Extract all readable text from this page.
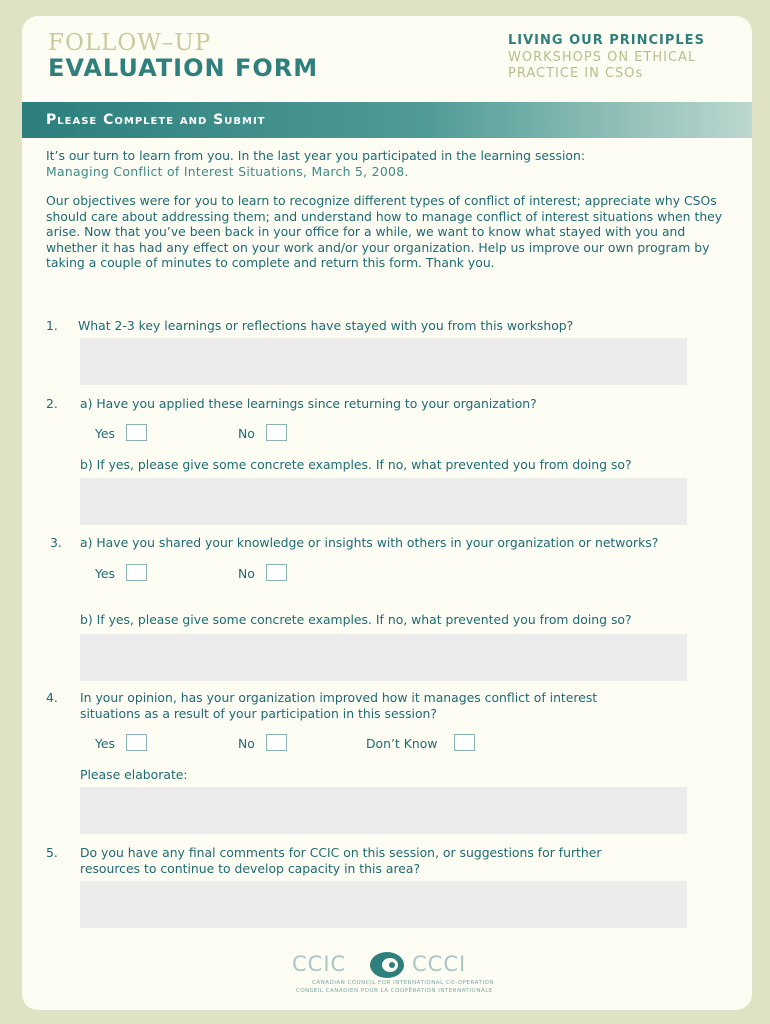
FOLLOW–UP
EVALUATION FORM
LIVING OUR PRINCIPLES
WORKSHOPS ON ETHICAL
PRACTICE IN CSOs
Please Complete and Submit
It’s our turn to learn from you. In the last year you participated in the learning session:
Managing Conflict of Interest Situations, March 5, 2008.
Our objectives were for you to learn to recognize different types of conflict of interest; appreciate why CSOs should care about addressing them; and understand how to manage conflict of interest situations when they arise. Now that you’ve been back in your office for a while, we want to know what stayed with you and whether it has had any effect on your work and/or your organization. Help us improve our own program by taking a couple of minutes to complete and return this form. Thank you.
1. What 2-3 key learnings or reflections have stayed with you from this workshop?
2. a) Have you applied these learnings since returning to your organization?
Yes	No
b) If yes, please give some concrete examples. If no, what prevented you from doing so?
3. a) Have you shared your knowledge or insights with others in your organization or networks?
Yes	No
b) If yes, please give some concrete examples. If no, what prevented you from doing so?
4. In your opinion, has your organization improved how it manages conflict of interest
situations as a result of your participation in this session?
Yes	No	Don’t Know
Please elaborate:
5. Do you have any final comments for CCIC on this session, or suggestions for further
resources to continue to develop capacity in this area?
CCIC	CCCI
CANADIAN COUNCIL FOR INTERNATIONAL CO-OPERATION
CONSEIL CANADIEN POUR LA COOPÉRATION INTERNATIONALE
